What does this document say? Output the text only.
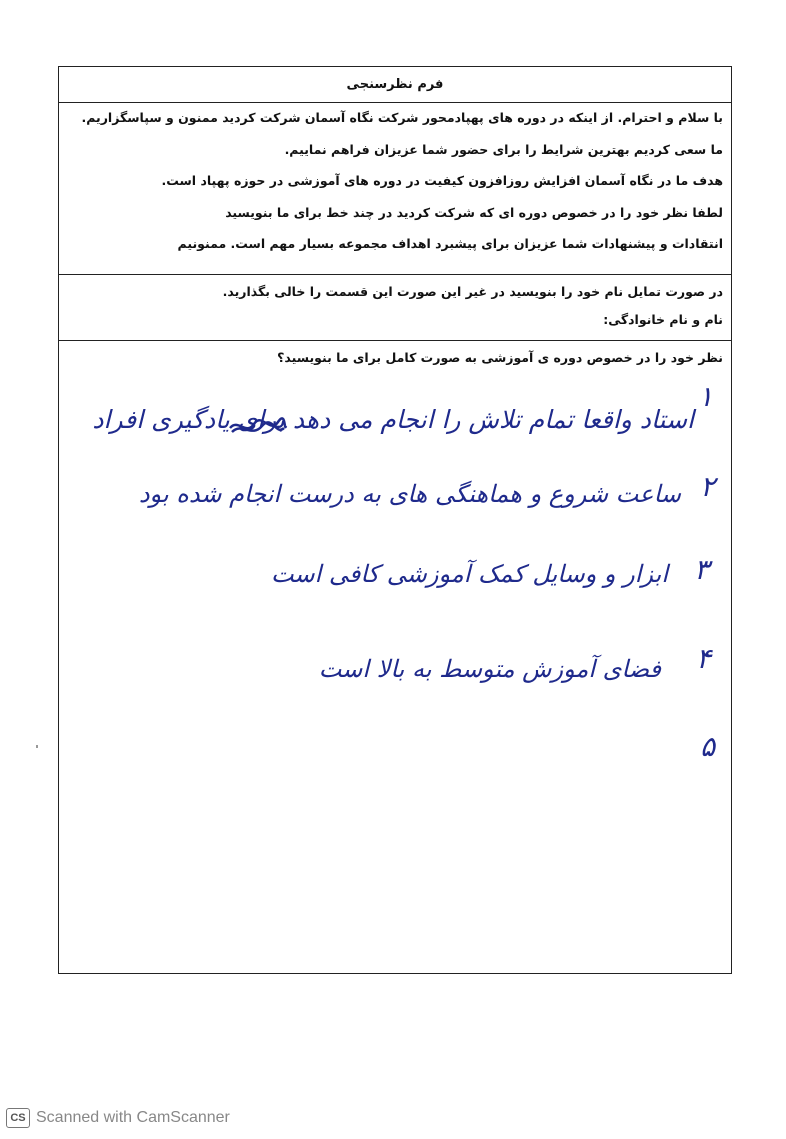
فرم نظرسنجی
با سلام و احترام. از اینکه در دوره های پهپادمحور شرکت نگاه آسمان شرکت کردید ممنون و سپاسگزاریم.
ما سعی کردیم بهترین شرایط را برای حضور شما عزیزان فراهم نماییم.
هدف ما در نگاه آسمان افزایش روزافزون کیفیت در دوره های آموزشی در حوزه پهپاد است.
لطفا نظر خود را در خصوص دوره ای که شرکت کردید در چند خط برای ما بنویسید
انتقادات و پیشنهادات شما عزیزان برای پیشبرد اهداف مجموعه بسیار مهم است. ممنونیم
در صورت تمایل نام خود را بنویسید در غیر این صورت این قسمت را خالی بگذارید.
نام و نام خانوادگی:
نظر خود را در خصوص دوره ی آموزشی به صورت کامل برای ما بنویسید؟
۱
استاد واقعا تمام تلاش را انجام می دهد برای یادگیری افراد
۲
ساعت شروع و هماهنگی های به درست انجام شده بود
۳
ابزار و وسایل کمک آموزشی کافی است
۴
فضای آموزش متوسط به بالا است
۵
CS Scanned with CamScanner
